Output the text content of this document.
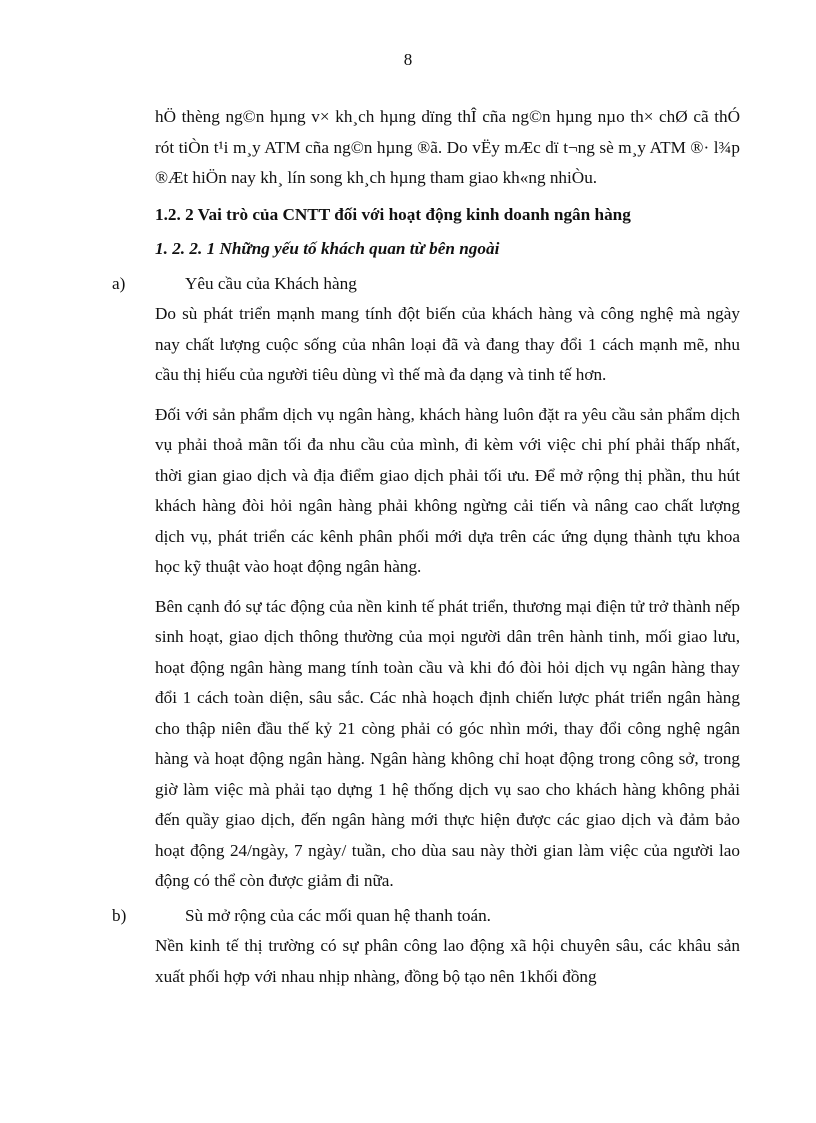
8

hÖ thèng ng©n hµng v× kh¸ch hµng dïng thÎ cña ng©n hµng nµo th× chØ cã thÓ rót tiÒn t¹i m¸y ATM cña ng©n hµng ®ã. Do vËy mÆc dï t¬ng sè m¸y ATM ®· l¾p ®Æt hiÖn nay kh¸ lín song kh¸ch hµng tham giao kh«ng nhiÒu.

1.2. 2 Vai trò của CNTT đối với hoạt động kinh doanh ngân hàng

1. 2. 2. 1 Những yếu tố khách quan từ bên ngoài

a)	Yêu cầu của Khách hàng

Do sù phát triển mạnh mang tính đột biến của khách hàng và công nghệ mà ngày nay chất lượng cuộc sống của nhân loại đã và đang thay đổi 1 cách mạnh mẽ, nhu cầu thị hiếu của người tiêu dùng vì thế mà đa dạng và tinh tế hơn.

Đối với sản phẩm dịch vụ ngân hàng, khách hàng luôn đặt ra yêu cầu sản phẩm dịch vụ phải thoả mãn tối đa nhu cầu của mình, đi kèm với việc chi phí phải thấp nhất, thời gian giao dịch và địa điểm giao dịch phải tối ưu. Để mở rộng thị phần, thu hút khách hàng đòi hỏi ngân hàng phải không ngừng cải tiến và nâng cao chất lượng dịch vụ, phát triển các kênh phân phối mới dựa trên các ứng dụng thành tựu khoa học kỹ thuật vào hoạt động ngân hàng.

Bên cạnh đó sự tác động của nền kinh tế phát triển, thương mại điện tử trở thành nếp sinh hoạt, giao dịch thông thường của mọi người dân trên hành tinh, mối giao lưu, hoạt động ngân hàng mang tính toàn cầu và khi đó đòi hỏi dịch vụ ngân hàng thay đổi 1 cách toàn diện, sâu sắc. Các nhà hoạch định chiến lược phát triển ngân hàng cho thập niên đầu thế kỷ 21 còng phải có góc nhìn mới, thay đổi công nghệ ngân hàng và hoạt động ngân hàng. Ngân hàng không chỉ hoạt động trong công sở, trong giờ làm việc mà phải tạo dựng 1 hệ thống dịch vụ sao cho khách hàng không phải đến quầy giao dịch, đến ngân hàng mới thực hiện được các giao dịch và đảm bảo hoạt động 24/ngày, 7 ngày/ tuần, cho dùa sau này thời gian làm việc của người lao động có thể còn được giảm đi nữa.

b)	Sù mở rộng của các mối quan hệ thanh toán.

Nền kinh tế thị trường có sự phân công lao động xã hội chuyên sâu, các khâu sản xuất phối hợp với nhau nhịp nhàng, đồng bộ tạo nên 1khối đồng
